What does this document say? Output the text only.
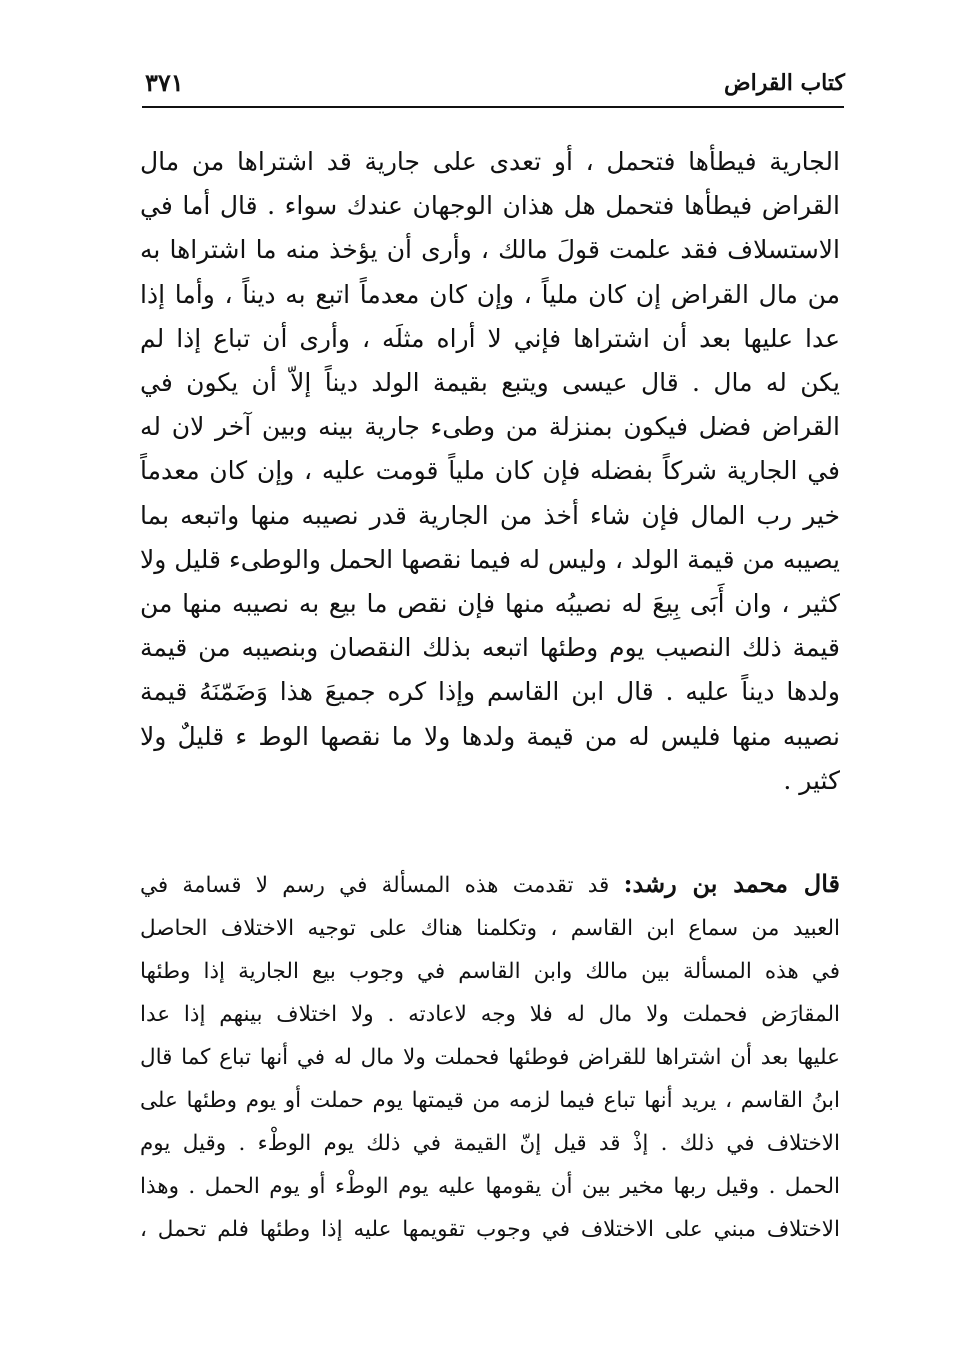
كتاب القراض
٣٧١
الجارية فيطأها فتحمل ، أو تعدى على جارية قد اشتراها من مال
القراض فيطأها فتحمل هل هذان الوجهان عندك سواء . قال أما في
الاستسلاف فقد علمت قولَ مالك ، وأرى أن يؤخذ منه ما اشتراها به
من مال القراض إن كان ملياً ، وإن كان معدماً اتبع به ديناً ، وأما إذا
عدا عليها بعد أن اشتراها فإني لا أراه مثلَه ، وأرى أن تباع إذا لم
يكن له مال . قال عيسى ويتبع بقيمة الولد ديناً إلاّ أن يكون في
القراض فضل فيكون بمنزلة من وطىء جارية بينه وبين آخر لان له
في الجارية شركاً بفضله فإن كان ملياً قومت عليه ، وإن كان معدماً
خير رب المال فإن شاء أخذ من الجارية قدر نصيبه منها واتبعه بما
يصيبه من قيمة الولد ، وليس له فيما نقصها الحمل والوطىء قليل ولا
كثير ، وان أَبَى بِيعَ له نصيبُه منها فإن نقص ما بيع به نصيبه منها من
قيمة ذلك النصيب يوم وطئها اتبعه بذلك النقصان وبنصيبه من قيمة
ولدها ديناً عليه . قال ابن القاسم وإذا كره جميعَ هذا وَضَمّنَهُ قيمة
نصيبه منها فليس له من قيمة ولدها ولا ما نقصها الوط ء قليلٌ ولا
كثير .
قال محمد بن رشد: قد تقدمت هذه المسألة في رسم لا قسامة في
العبيد من سماع ابن القاسم ، وتكلمنا هناك على توجيه الاختلاف الحاصل
في هذه المسألة بين مالك وابن القاسم في وجوب بيع الجارية إذا وطئها
المقارَض فحملت ولا مال له فلا وجه لاعادته . ولا اختلاف بينهم إذا عدا
عليها بعد أن اشتراها للقراض فوطئها فحملت ولا مال له في أنها تباع كما قال
ابنُ القاسم ، يريد أنها تباع فيما لزمه من قيمتها يوم حملت أو يوم وطئها على
الاختلاف في ذلك . إذْ قد قيل إنّ القيمة في ذلك يوم الوطْء . وقيل يوم
الحمل . وقيل ربها مخير بين أن يقومها عليه يوم الوطْء أو يوم الحمل . وهذا
الاختلاف مبني على الاختلاف في وجوب تقويمها عليه إذا وطئها فلم تحمل ،
